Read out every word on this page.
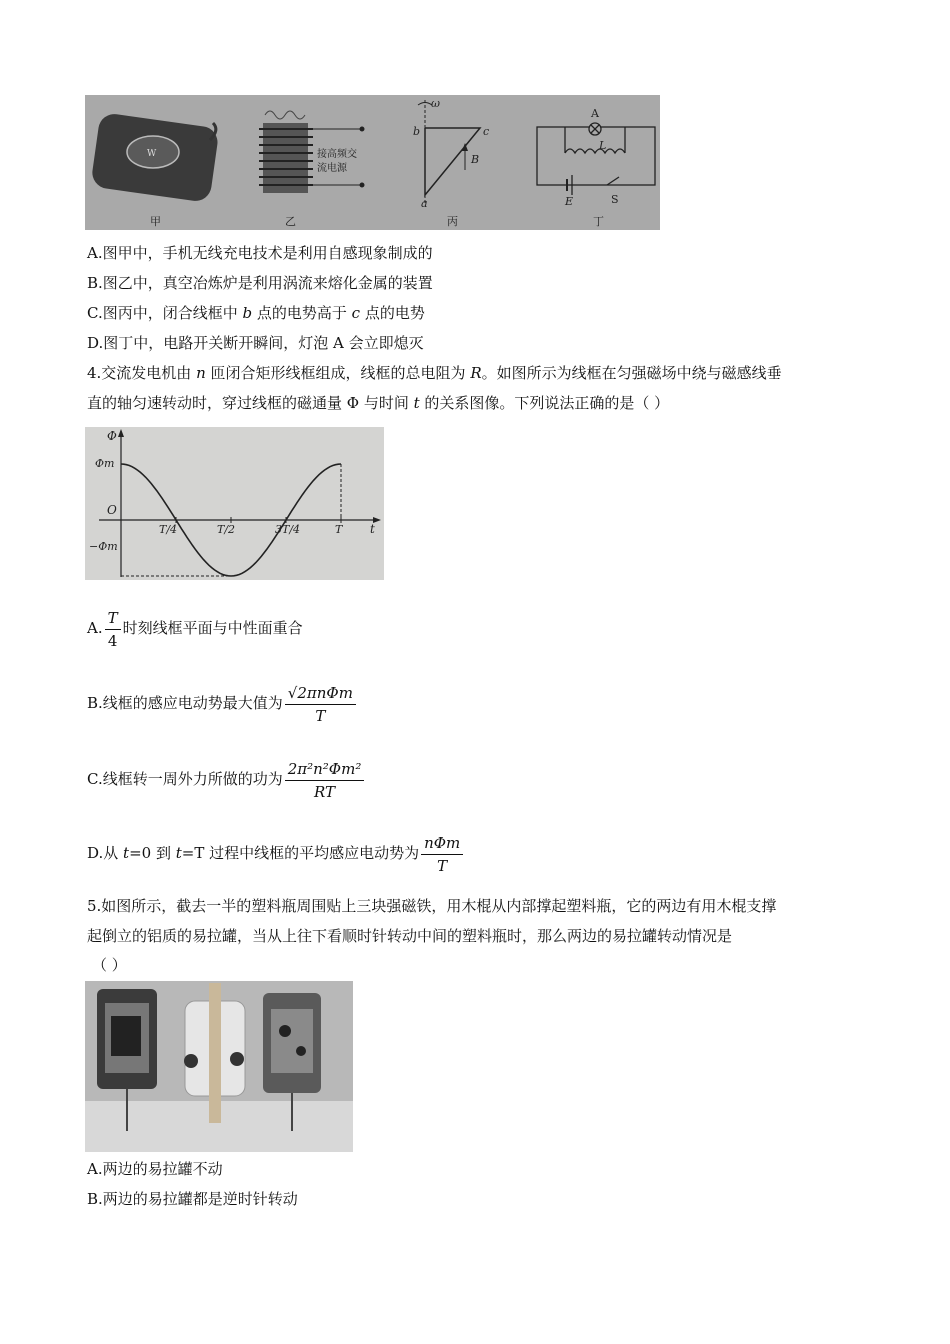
W
甲	乙	丙	丁
接高频交
流电源
b	c
a
B
ω
A
L
E	S
A.图甲中，手机无线充电技术是利用自感现象制成的
B.图乙中，真空冶炼炉是利用涡流来熔化金属的装置
C.图丙中，闭合线框中 b 点的电势高于 c 点的电势
D.图丁中，电路开关断开瞬间，灯泡 A 会立即熄灭
4.交流发电机由 n 匝闭合矩形线框组成，线框的总电阻为 R。如图所示为线框在匀强磁场中绕与磁感线垂
直的轴匀速转动时，穿过线框的磁通量 Φ 与时间 t 的关系图像。下列说法正确的是（ ）
Φ
t
O
Φm
−Φm
T/4	T/2	3T/4	T
A. $\frac{T}{4}$ 时刻线框平面与中性面重合
B.线框的感应电动势最大值为 $\frac{\text{√2πnΦm}}{T}$
C.线框转一周外力所做的功为 $\frac{\text{2π²n²Φm²}}{RT}$
D.从 t=0 到 t=T 过程中线框的平均感应电动势为 $\frac{\text{nΦm}}{T}$
5.如图所示，截去一半的塑料瓶周围贴上三块强磁铁，用木棍从内部撑起塑料瓶，它的两边有用木棍支撑
起倒立的铝质的易拉罐，当从上往下看顺时针转动中间的塑料瓶时，那么两边的易拉罐转动情况是
（ ）
A.两边的易拉罐不动
B.两边的易拉罐都是逆时针转动
